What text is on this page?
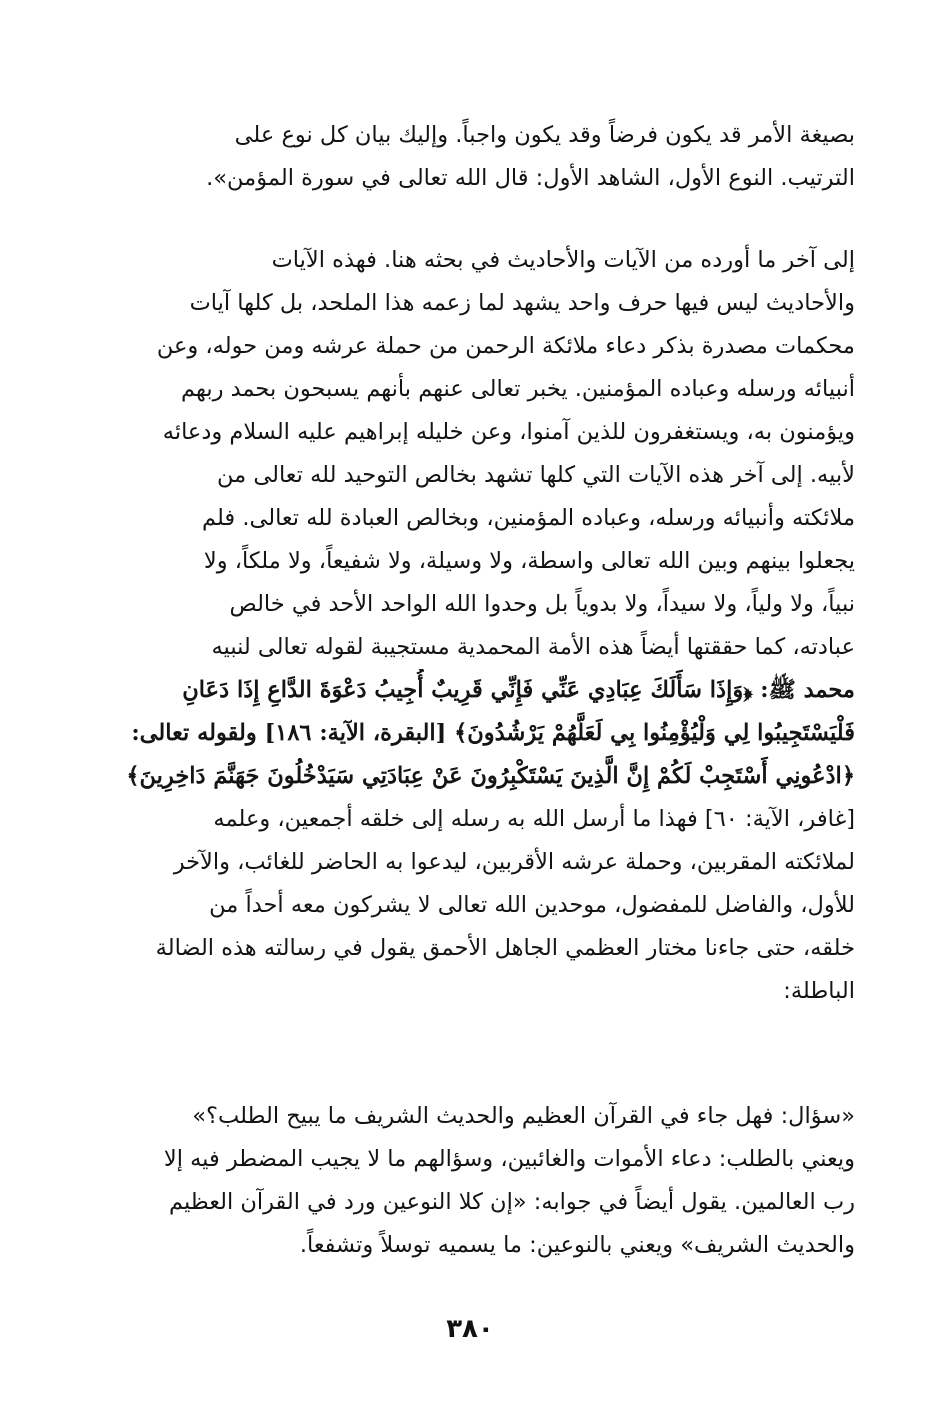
بصيغة الأمر قد يكون فرضاً وقد يكون واجباً. وإليك بيان كل نوع على
الترتيب. النوع الأول، الشاهد الأول: قال الله تعالى في سورة المؤمن».
إلى آخر ما أورده من الآيات والأحاديث في بحثه هنا. فهذه الآيات
والأحاديث ليس فيها حرف واحد يشهد لما زعمه هذا الملحد، بل كلها آيات
محكمات مصدرة بذكر دعاء ملائكة الرحمن من حملة عرشه ومن حوله، وعن
أنبيائه ورسله وعباده المؤمنين. يخبر تعالى عنهم بأنهم يسبحون بحمد ربهم
ويؤمنون به، ويستغفرون للذين آمنوا، وعن خليله إبراهيم عليه السلام ودعائه
لأبيه. إلى آخر هذه الآيات التي كلها تشهد بخالص التوحيد لله تعالى من
ملائكته وأنبيائه ورسله، وعباده المؤمنين، وبخالص العبادة لله تعالى. فلم
يجعلوا بينهم وبين الله تعالى واسطة، ولا وسيلة، ولا شفيعاً، ولا ملكاً، ولا
نبياً، ولا ولياً، ولا سيداً، ولا بدوياً بل وحدوا الله الواحد الأحد في خالص
عبادته، كما حققتها أيضاً هذه الأمة المحمدية مستجيبة لقوله تعالى لنبيه
محمد ﷺ: ﴿وَإِذَا سَأَلَكَ عِبَادِي عَنِّي فَإِنِّي قَرِيبٌ أُجِيبُ دَعْوَةَ الدَّاعِ إِذَا دَعَانِ
فَلْيَسْتَجِيبُوا لِي وَلْيُؤْمِنُوا بِي لَعَلَّهُمْ يَرْشُدُونَ﴾ [البقرة، الآية: ١٨٦] ولقوله تعالى:
﴿ادْعُونِي أَسْتَجِبْ لَكُمْ إِنَّ الَّذِينَ يَسْتَكْبِرُونَ عَنْ عِبَادَتِي سَيَدْخُلُونَ جَهَنَّمَ دَاخِرِينَ﴾
[غافر، الآية: ٦٠] فهذا ما أرسل الله به رسله إلى خلقه أجمعين، وعلمه
لملائكته المقربين، وحملة عرشه الأقربين، ليدعوا به الحاضر للغائب، والآخر
للأول، والفاضل للمفضول، موحدين الله تعالى لا يشركون معه أحداً من
خلقه، حتى جاءنا مختار العظمي الجاهل الأحمق يقول في رسالته هذه الضالة
الباطلة:
«سؤال: فهل جاء في القرآن العظيم والحديث الشريف ما يبيح الطلب؟»
ويعني بالطلب: دعاء الأموات والغائبين، وسؤالهم ما لا يجيب المضطر فيه إلا
رب العالمين. يقول أيضاً في جوابه: «إن كلا النوعين ورد في القرآن العظيم
والحديث الشريف» ويعني بالنوعين: ما يسميه توسلاً وتشفعاً.
٣٨٠
